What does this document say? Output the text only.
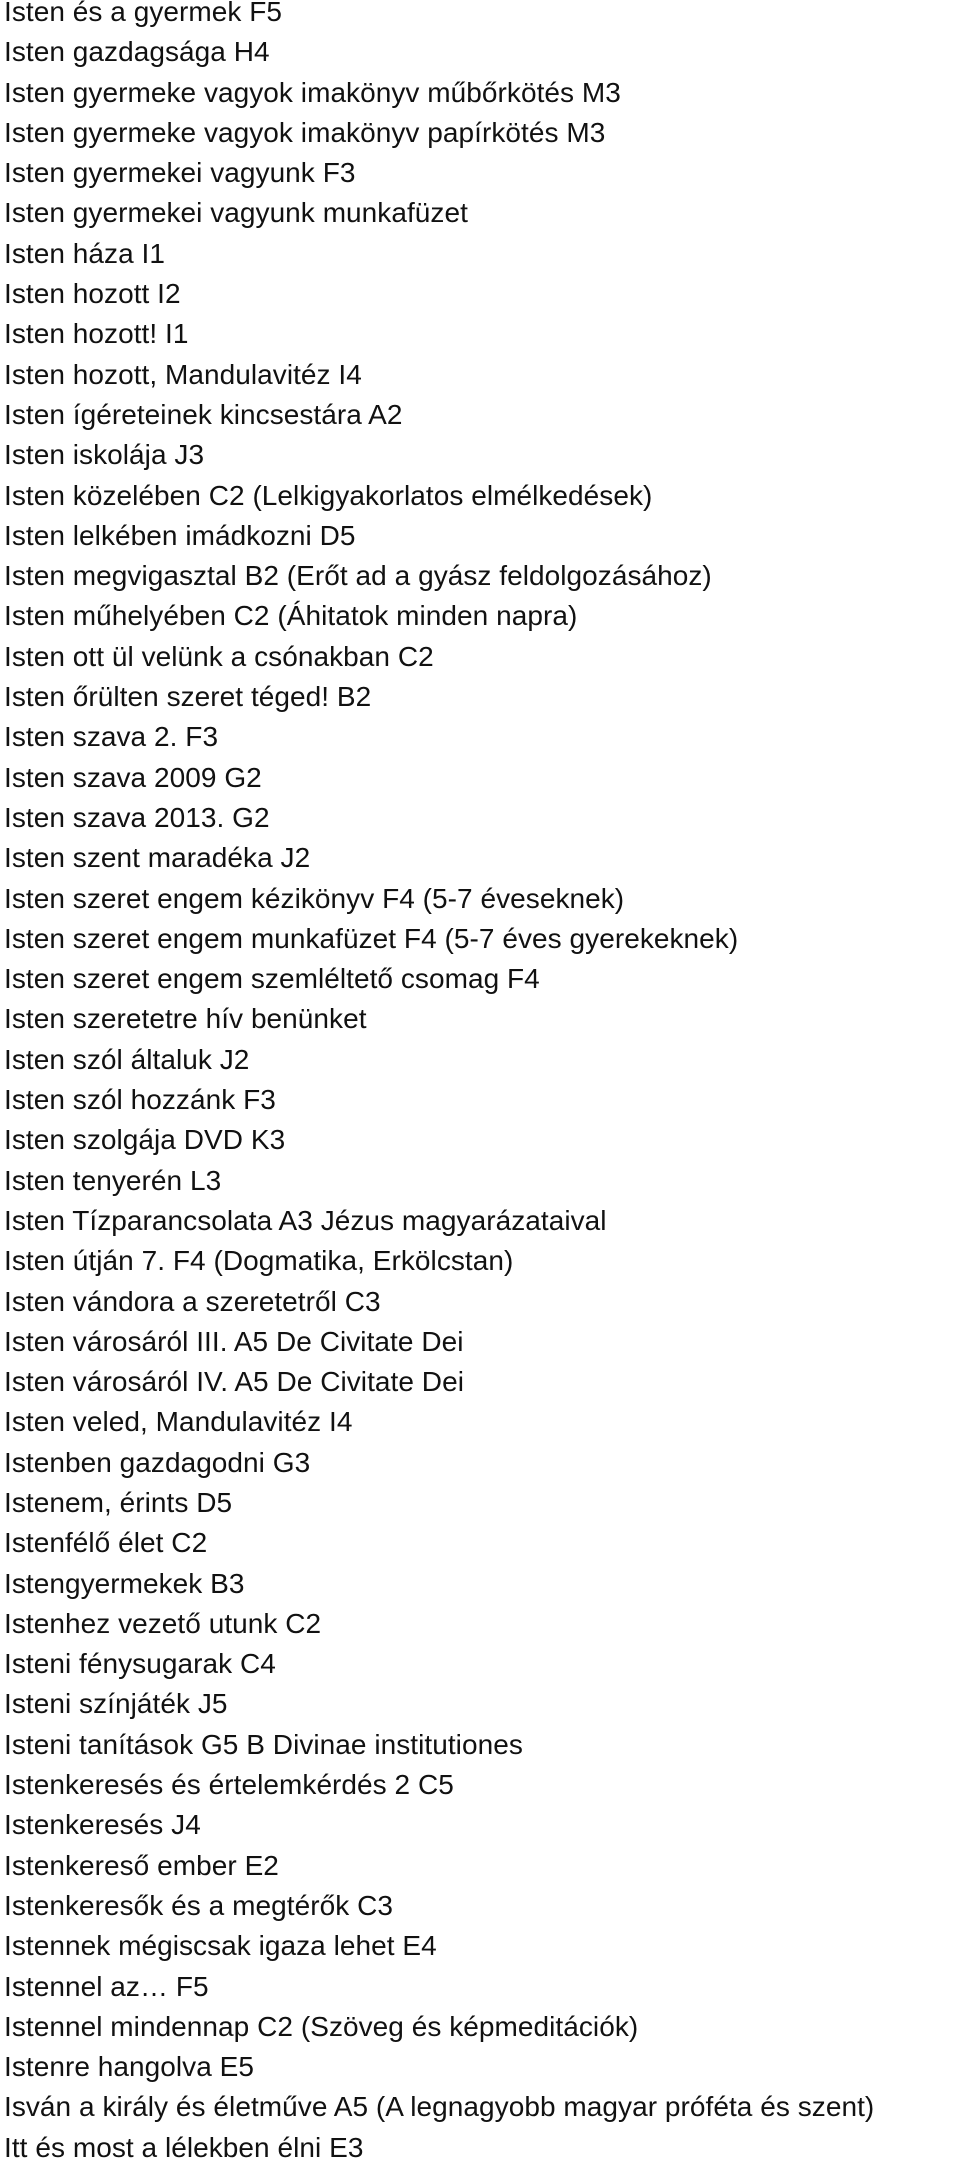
Isten és a gyermek F5
Isten gazdagsága H4
Isten gyermeke vagyok imakönyv műbőrkötés M3
Isten gyermeke vagyok imakönyv papírkötés M3
Isten gyermekei vagyunk F3
Isten gyermekei vagyunk munkafüzet
Isten háza I1
Isten hozott I2
Isten hozott! I1
Isten hozott, Mandulavitéz I4
Isten ígéreteinek kincsestára A2
Isten iskolája J3
Isten közelében C2 (Lelkigyakorlatos elmélkedések)
Isten lelkében imádkozni D5
Isten megvigasztal B2 (Erőt ad a gyász feldolgozásához)
Isten műhelyében C2 (Áhitatok minden napra)
Isten ott ül velünk a csónakban C2
Isten őrülten szeret téged! B2
Isten szava 2. F3
Isten szava 2009 G2
Isten szava 2013. G2
Isten szent maradéka J2
Isten szeret engem kézikönyv F4 (5-7 éveseknek)
Isten szeret engem munkafüzet F4 (5-7 éves gyerekeknek)
Isten szeret engem szemléltető csomag F4
Isten szeretetre hív benünket
Isten szól általuk J2
Isten szól hozzánk F3
Isten szolgája DVD K3
Isten tenyerén L3
Isten Tízparancsolata A3 Jézus magyarázataival
Isten útján 7. F4 (Dogmatika, Erkölcstan)
Isten vándora a szeretetről C3
Isten városáról III. A5 De Civitate Dei
Isten városáról IV. A5 De Civitate Dei
Isten veled, Mandulavitéz I4
Istenben gazdagodni G3
Istenem, érints D5
Istenfélő élet C2
Istengyermekek B3
Istenhez vezető utunk C2
Isteni fénysugarak C4
Isteni színjáték J5
Isteni tanítások G5 B Divinae institutiones
Istenkeresés és értelemkérdés 2 C5
Istenkeresés J4
Istenkereső ember E2
Istenkeresők és a megtérők C3
Istennek mégiscsak igaza lehet E4
Istennel az… F5
Istennel mindennap C2 (Szöveg és képmeditációk)
Istenre hangolva E5
Isván a király és életműve A5 (A legnagyobb magyar próféta és szent)
Itt és most a lélekben élni E3
